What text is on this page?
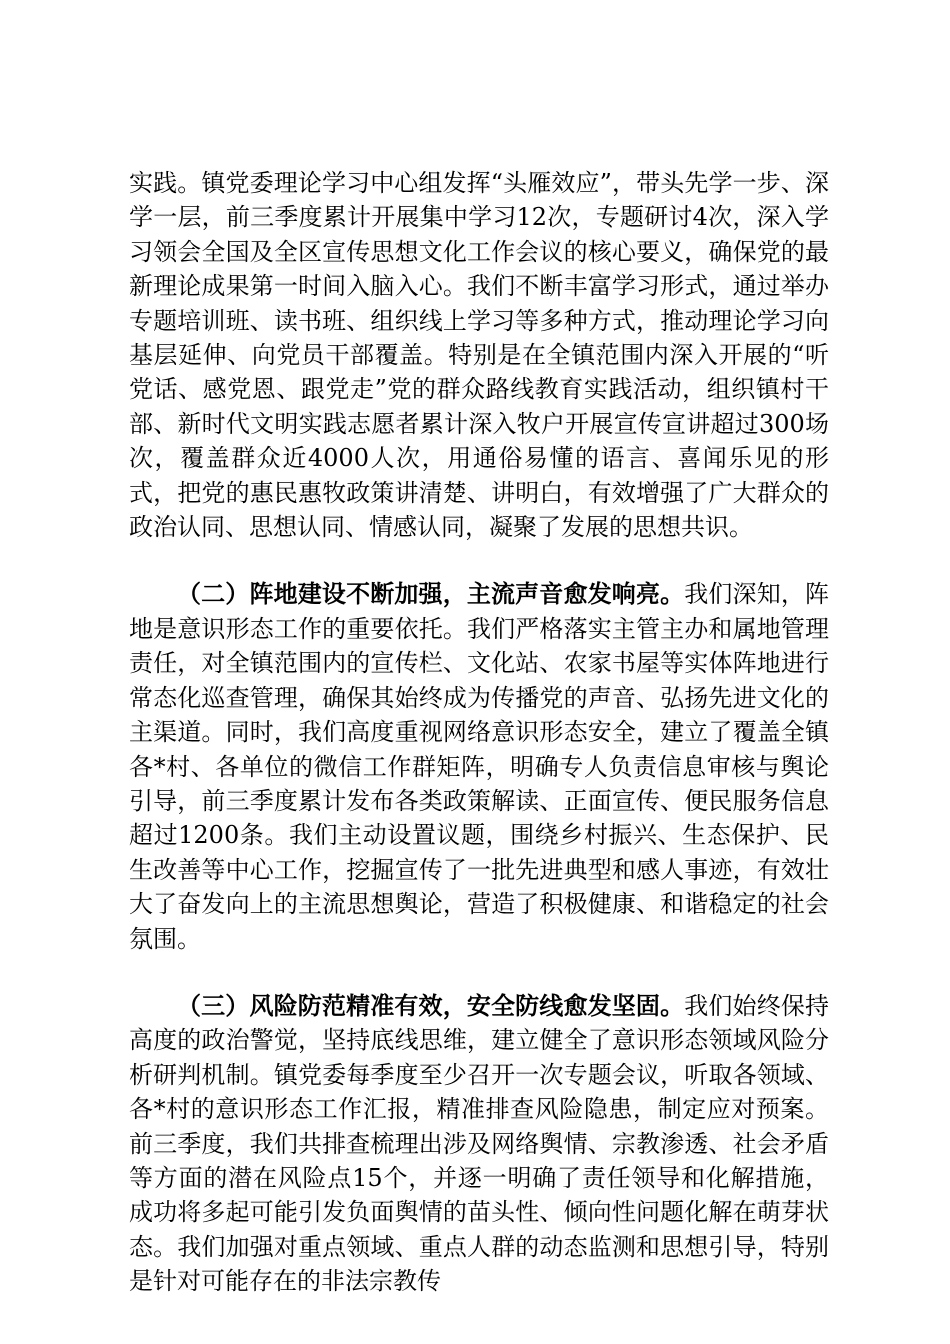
实践。镇党委理论学习中心组发挥“头雁效应”，带头先学一步、深学一层，前三季度累计开展集中学习12次，专题研讨4次，深入学习领会全国及全区宣传思想文化工作会议的核心要义，确保党的最新理论成果第一时间入脑入心。我们不断丰富学习形式，通过举办专题培训班、读书班、组织线上学习等多种方式，推动理论学习向基层延伸、向党员干部覆盖。特别是在全镇范围内深入开展的“听党话、感党恩、跟党走”党的群众路线教育实践活动，组织镇村干部、新时代文明实践志愿者累计深入牧户开展宣传宣讲超过300场次，覆盖群众近4000人次，用通俗易懂的语言、喜闻乐见的形式，把党的惠民惠牧政策讲清楚、讲明白，有效增强了广大群众的政治认同、思想认同、情感认同，凝聚了发展的思想共识。

（二）阵地建设不断加强，主流声音愈发响亮。我们深知，阵地是意识形态工作的重要依托。我们严格落实主管主办和属地管理责任，对全镇范围内的宣传栏、文化站、农家书屋等实体阵地进行常态化巡查管理，确保其始终成为传播党的声音、弘扬先进文化的主渠道。同时，我们高度重视网络意识形态安全，建立了覆盖全镇各*村、各单位的微信工作群矩阵，明确专人负责信息审核与舆论引导，前三季度累计发布各类政策解读、正面宣传、便民服务信息超过1200条。我们主动设置议题，围绕乡村振兴、生态保护、民生改善等中心工作，挖掘宣传了一批先进典型和感人事迹，有效壮大了奋发向上的主流思想舆论，营造了积极健康、和谐稳定的社会氛围。

（三）风险防范精准有效，安全防线愈发坚固。我们始终保持高度的政治警觉，坚持底线思维，建立健全了意识形态领域风险分析研判机制。镇党委每季度至少召开一次专题会议，听取各领域、各*村的意识形态工作汇报，精准排查风险隐患，制定应对预案。前三季度，我们共排查梳理出涉及网络舆情、宗教渗透、社会矛盾等方面的潜在风险点15个，并逐一明确了责任领导和化解措施，成功将多起可能引发负面舆情的苗头性、倾向性问题化解在萌芽状态。我们加强对重点领域、重点人群的动态监测和思想引导，特别是针对可能存在的非法宗教传
